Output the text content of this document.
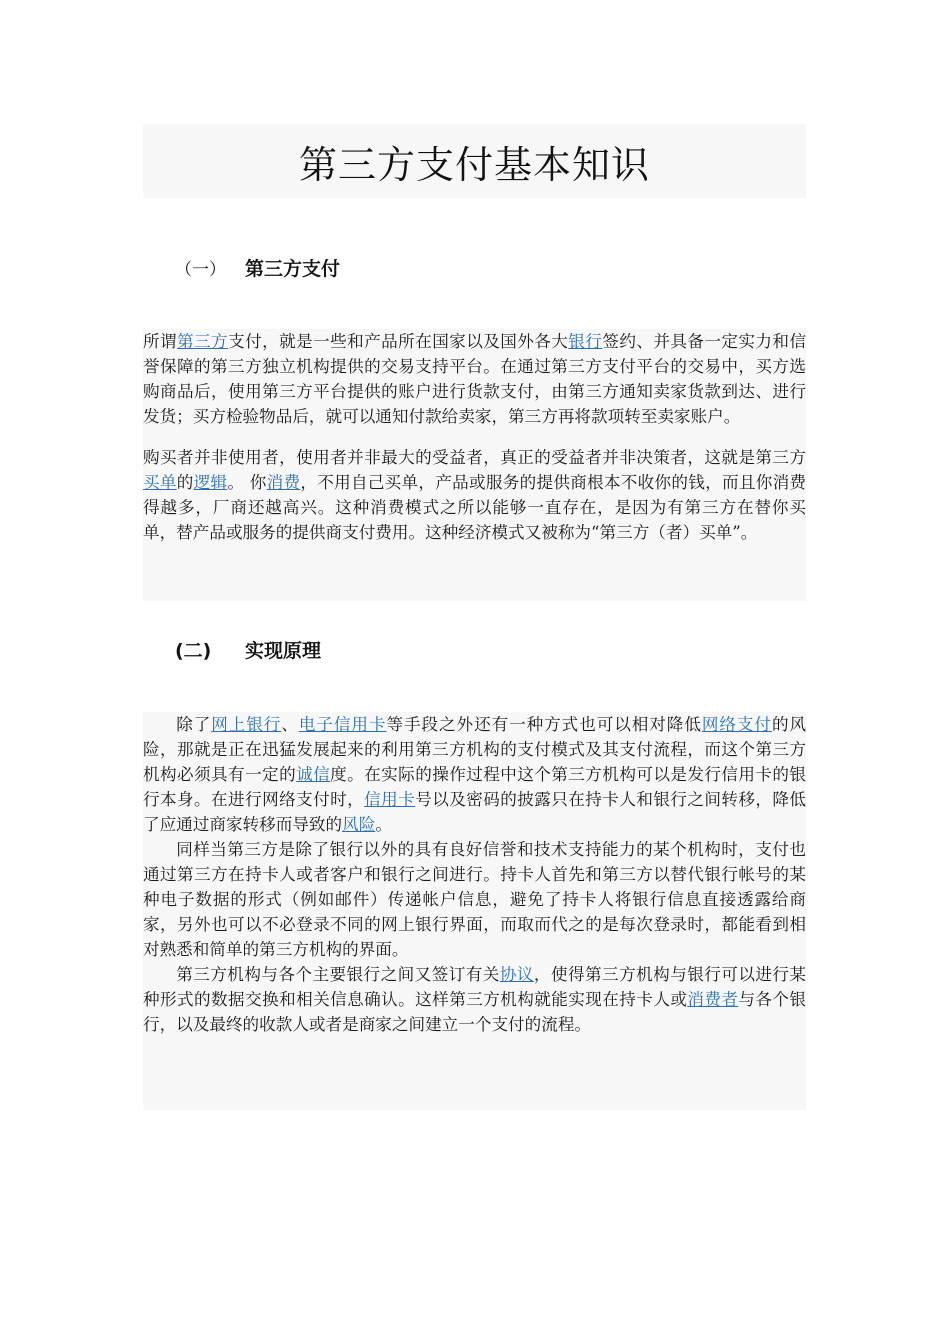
第三方支付基本知识
（一）	第三方支付

所谓第三方支付，就是一些和产品所在国家以及国外各大银行签约、并具备一定实力和信誉保障的第三方独立机构提供的交易支持平台。在通过第三方支付平台的交易中，买方选购商品后，使用第三方平台提供的账户进行货款支付，由第三方通知卖家货款到达、进行发货；买方检验物品后，就可以通知付款给卖家，第三方再将款项转至卖家账户。

购买者并非使用者，使用者并非最大的受益者，真正的受益者并非决策者，这就是第三方买单的逻辑。 你消费，不用自己买单，产品或服务的提供商根本不收你的钱，而且你消费得越多，厂商还越高兴。这种消费模式之所以能够一直存在，是因为有第三方在替你买单，替产品或服务的提供商支付费用。这种经济模式又被称为“第三方（者）买单”。

(二)	实现原理

除了网上银行、电子信用卡等手段之外还有一种方式也可以相对降低网络支付的风险，那就是正在迅猛发展起来的利用第三方机构的支付模式及其支付流程，而这个第三方机构必须具有一定的诚信度。在实际的操作过程中这个第三方机构可以是发行信用卡的银行本身。在进行网络支付时，信用卡号以及密码的披露只在持卡人和银行之间转移，降低了应通过商家转移而导致的风险。

同样当第三方是除了银行以外的具有良好信誉和技术支持能力的某个机构时，支付也通过第三方在持卡人或者客户和银行之间进行。持卡人首先和第三方以替代银行帐号的某种电子数据的形式（例如邮件）传递帐户信息，避免了持卡人将银行信息直接透露给商家，另外也可以不必登录不同的网上银行界面，而取而代之的是每次登录时，都能看到相对熟悉和简单的第三方机构的界面。

第三方机构与各个主要银行之间又签订有关协议，使得第三方机构与银行可以进行某种形式的数据交换和相关信息确认。这样第三方机构就能实现在持卡人或消费者与各个银行，以及最终的收款人或者是商家之间建立一个支付的流程。
